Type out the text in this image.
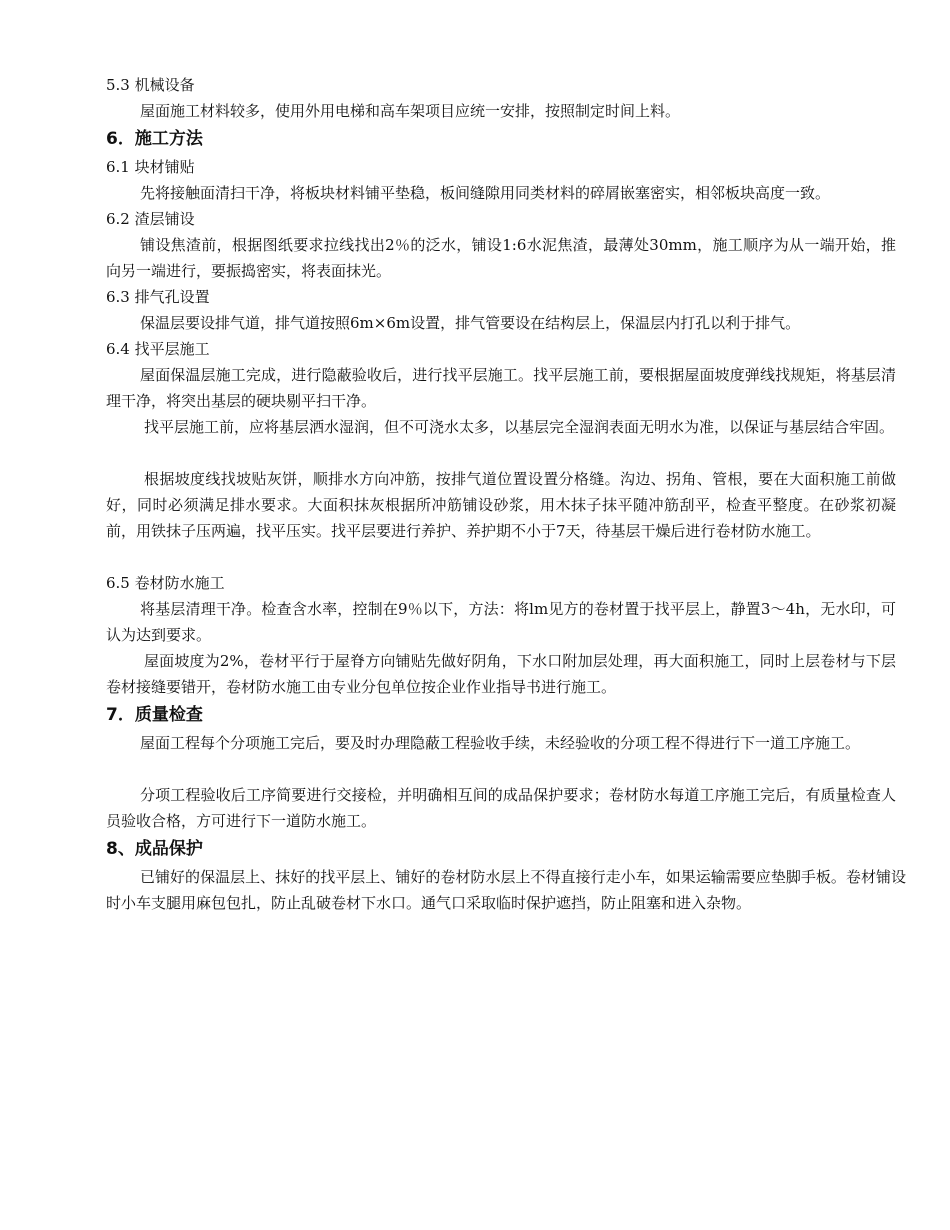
5.3 机械设备
屋面施工材料较多，使用外用电梯和高车架项目应统一安排，按照制定时间上料。
6．施工方法
6.1 块材铺贴
先将接触面清扫干净，将板块材料铺平垫稳，板间缝隙用同类材料的碎屑嵌塞密实，相邻板块高度一致。
6.2 渣层铺设
铺设焦渣前，根据图纸要求拉线找出2％的泛水，铺设1:6水泥焦渣，最薄处30mm，施工顺序为从一端开始，推向另一端进行，要振捣密实，将表面抹光。
6.3 排气孔设置
保温层要设排气道，排气道按照6m×6m设置，排气管要设在结构层上，保温层内打孔以利于排气。
6.4 找平层施工
屋面保温层施工完成，进行隐蔽验收后，进行找平层施工。找平层施工前，要根据屋面坡度弹线找规矩，将基层清理干净，将突出基层的硬块剔平扫干净。
找平层施工前，应将基层洒水湿润，但不可浇水太多，以基层完全湿润表面无明水为准，以保证与基层结合牢固。
根据坡度线找坡贴灰饼，顺排水方向冲筋，按排气道位置设置分格缝。沟边、拐角、管根，要在大面积施工前做好，同时必须满足排水要求。大面积抹灰根据所冲筋铺设砂浆，用木抹子抹平随冲筋刮平，检查平整度。在砂浆初凝前，用铁抹子压两遍，找平压实。找平层要进行养护、养护期不小于7天，待基层干燥后进行卷材防水施工。
6.5 卷材防水施工
将基层清理干净。检查含水率，控制在9％以下，方法：将lm见方的卷材置于找平层上，静置3～4h，无水印，可认为达到要求。
屋面坡度为2%，卷材平行于屋脊方向铺贴先做好阴角，下水口附加层处理，再大面积施工，同时上层卷材与下层卷材接缝要错开，卷材防水施工由专业分包单位按企业作业指导书进行施工。
7．质量检查
屋面工程每个分项施工完后，要及时办理隐蔽工程验收手续，未经验收的分项工程不得进行下一道工序施工。
分项工程验收后工序简要进行交接检，并明确相互间的成品保护要求；卷材防水每道工序施工完后，有质量检查人员验收合格，方可进行下一道防水施工。
8、成品保护
已铺好的保温层上、抹好的找平层上、铺好的卷材防水层上不得直接行走小车，如果运输需要应垫脚手板。卷材铺设时小车支腿用麻包包扎，防止乱破卷材下水口。通气口采取临时保护遮挡，防止阻塞和进入杂物。
